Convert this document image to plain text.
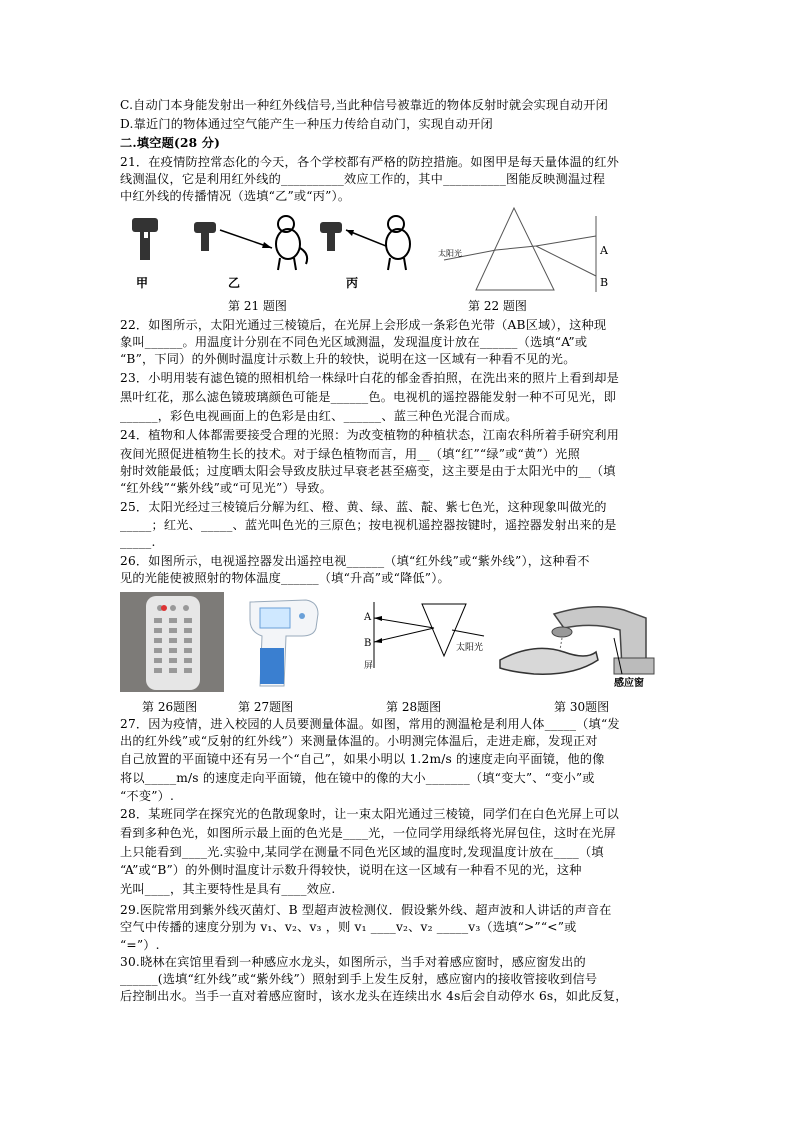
C.自动门本身能发射出一种红外线信号,当此种信号被靠近的物体反射时就会实现自动开闭
D.靠近门的物体通过空气能产生一种压力传给自动门，实现自动开闭
二.填空题(28 分)
21．在疫情防控常态化的今天，各个学校都有严格的防控措施。如图甲是每天量体温的红外
线测温仪，它是利用红外线的__________效应工作的，其中__________图能反映测温过程
中红外线的传播情况（选填“乙”或“丙”）。
甲	乙	丙
第 21 题图
太阳光	A
B
第 22 题图
22．如图所示，太阳光通过三棱镜后，在光屏上会形成一条彩色光带（AB区域），这种现
象叫______。用温度计分别在不同色光区域测温，发现温度计放在______（选填“A”或
“B”，下同）的外侧时温度计示数上升的较快，说明在这一区域有一种看不见的光。
23．小明用装有滤色镜的照相机给一株绿叶白花的郁金香拍照，在洗出来的照片上看到却是
黑叶红花，那么滤色镜玻璃颜色可能是______色。电视机的遥控器能发射一种不可见光，即
______，彩色电视画面上的色彩是由红、______、蓝三种色光混合而成。
24．植物和人体都需要接受合理的光照：为改变植物的种植状态，江南农科所着手研究利用
夜间光照促进植物生长的技术。对于绿色植物而言，用__（填“红”“绿”或“黄”）光照
射时效能最低；过度晒太阳会导致皮肤过早衰老甚至癌变，这主要是由于太阳光中的__（填
“红外线”“紫外线”或“可见光”）导致。
25．太阳光经过三棱镜后分解为红、橙、黄、绿、蓝、靛、紫七色光，这种现象叫做光的
_____；红光、_____、蓝光叫色光的三原色；按电视机遥控器按键时，遥控器发射出来的是
_____.
26．如图所示，电视遥控器发出遥控电视______（填“红外线”或“紫外线”），这种看不
见的光能使被照射的物体温度______（填“升高”或“降低”）。
A
B
屏
太阳光
感应窗
第 26题图	第 27题图	第 28题图	第 30题图
27．因为疫情，进入校园的人员要测量体温。如图，常用的测温枪是利用人体_____（填“发
出的红外线”或“反射的红外线”）来测量体温的。小明测完体温后，走进走廊，发现正对
自己放置的平面镜中还有另一个“自己”，如果小明以 1.2m/s 的速度走向平面镜，他的像
将以_____m/s 的速度走向平面镜，他在镜中的像的大小_______（填“变大”、“变小”或
“不变”）.
28．某班同学在探究光的色散现象时，让一束太阳光通过三棱镜，同学们在白色光屏上可以
看到多种色光，如图所示最上面的色光是____光，一位同学用绿纸将光屏包住，这时在光屏
上只能看到____光.实验中,某同学在测量不同色光区域的温度时,发现温度计放在____（填
“A”或“B”）的外侧时温度计示数升得较快，说明在这一区域有一种看不见的光，这种
光叫____，其主要特性是具有____效应.
29.医院常用到紫外线灭菌灯、B 型超声波检测仪．假设紫外线、超声波和人讲话的声音在
空气中传播的速度分别为 v₁、v₂、v₃ ，则 v₁ ____v₂、v₂ _____v₃（选填“>”“<”或
“=”）.
30.晓林在宾馆里看到一种感应水龙头，如图所示，当手对着感应窗时，感应窗发出的
______(选填“红外线”或“紫外线”）照射到手上发生反射，感应窗内的接收管接收到信号
后控制出水。当手一直对着感应窗时，该水龙头在连续出水 4s后会自动停水 6s，如此反复，
